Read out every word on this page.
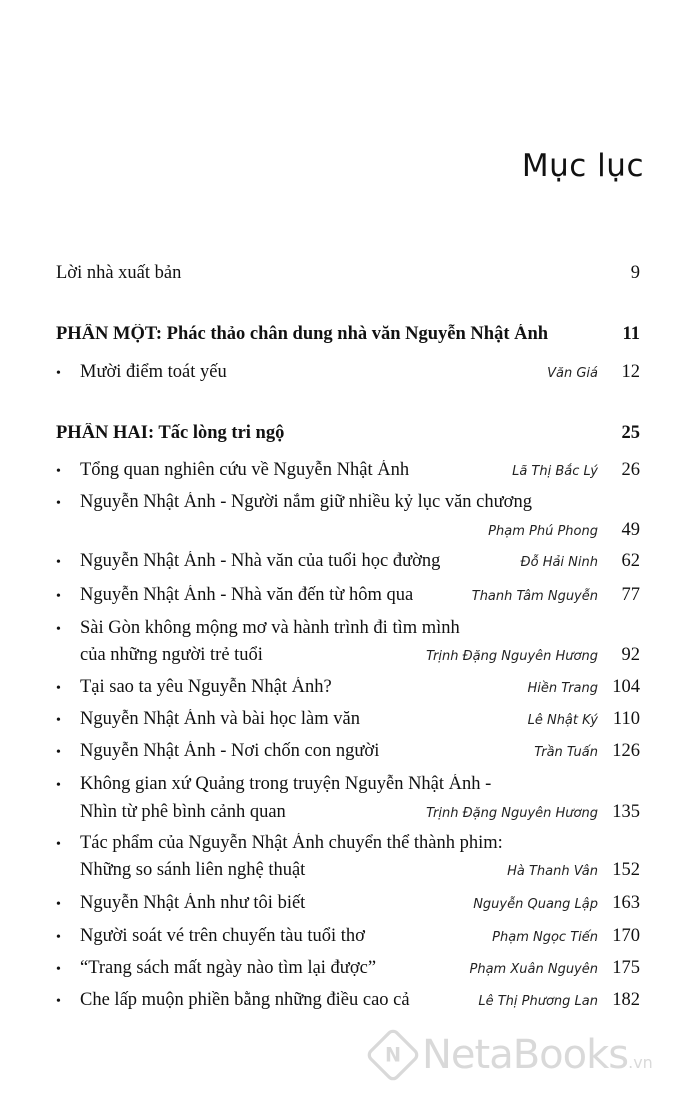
Mục lục
Lời nhà xuất bản	9
PHẦN MỘT: Phác thảo chân dung nhà văn Nguyễn Nhật Ánh	11
•	Mười điểm toát yếu	Văn Giá	12
PHẦN HAI: Tấc lòng tri ngộ	25
•	Tổng quan nghiên cứu về Nguyễn Nhật Ánh	Lã Thị Bắc Lý	26
•	Nguyễn Nhật Ánh - Người nắm giữ nhiều kỷ lục văn chương
Phạm Phú Phong	49
•	Nguyễn Nhật Ánh - Nhà văn của tuổi học đường	Đỗ Hải Ninh	62
•	Nguyễn Nhật Ánh - Nhà văn đến từ hôm qua	Thanh Tâm Nguyễn	77
•	Sài Gòn không mộng mơ và hành trình đi tìm mình
của những người trẻ tuổi	Trịnh Đặng Nguyên Hương	92
•	Tại sao ta yêu Nguyễn Nhật Ánh?	Hiền Trang 104
•	Nguyễn Nhật Ánh và bài học làm văn	Lê Nhật Ký 110
•	Nguyễn Nhật Ánh - Nơi chốn con người	Trần Tuấn 126
•	Không gian xứ Quảng trong truyện Nguyễn Nhật Ánh -
Nhìn từ phê bình cảnh quan	Trịnh Đặng Nguyên Hương 135
•	Tác phẩm của Nguyễn Nhật Ánh chuyển thể thành phim:
Những so sánh liên nghệ thuật	Hà Thanh Vân 152
•	Nguyễn Nhật Ánh như tôi biết	Nguyễn Quang Lập 163
•	Người soát vé trên chuyến tàu tuổi thơ	Phạm Ngọc Tiến 170
•	“Trang sách mất ngày nào tìm lại được”	Phạm Xuân Nguyên 175
•	Che lấp muộn phiền bằng những điều cao cả	Lê Thị Phương Lan 182
N NetaBooks.vn
